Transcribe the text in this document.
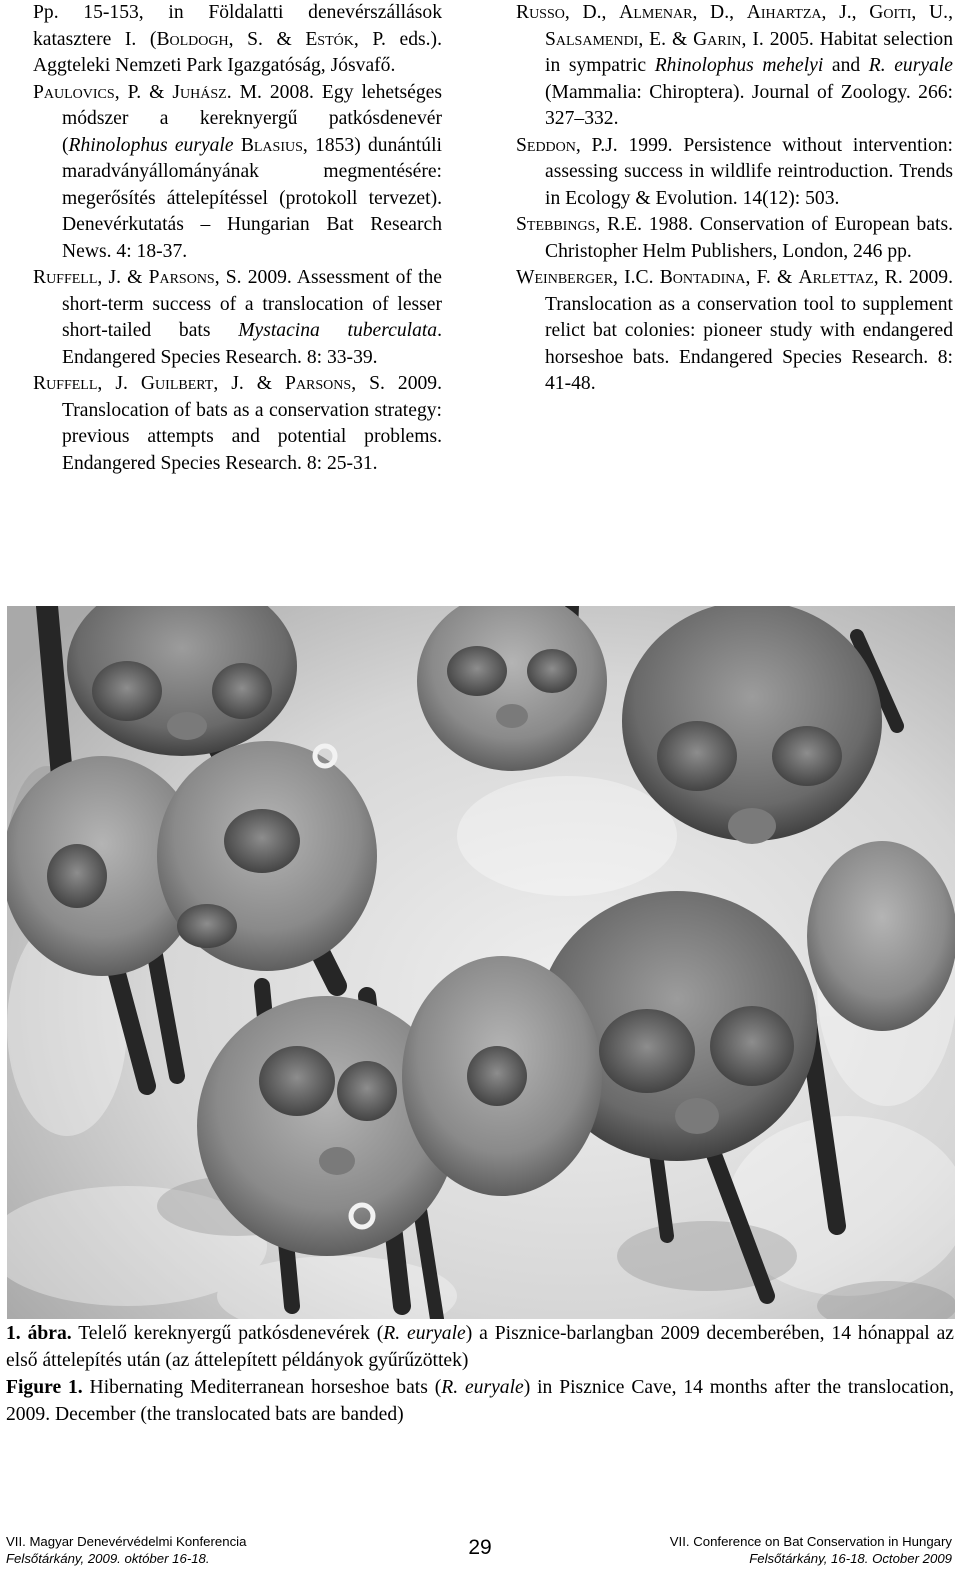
Pp. 15-153, in Földalatti denevérszállások katasztere I. (Boldogh, S. & Estók, P. eds.). Aggteleki Nemzeti Park Igazgatóság, Jósvafő.

Paulovics, P. & Juhász. M. 2008. Egy lehetséges módszer a kereknyergű patkósdenevér (Rhinolophus euryale Blasius, 1853) dunántúli maradványállományának megmentésére: megerősítés áttelepítéssel (protokoll tervezet). Denevérkutatás – Hungarian Bat Research News. 4: 18-37.

Ruffell, J. & Parsons, S. 2009. Assessment of the short-term success of a translocation of lesser short-tailed bats Mystacina tuberculata. Endangered Species Research. 8: 33-39.

Ruffell, J. Guilbert, J. & Parsons, S. 2009. Translocation of bats as a conservation strategy: previous attempts and potential problems. Endangered Species Research. 8: 25-31.

Russo, D., Almenar, D., Aihartza, J., Goiti, U., Salsamendi, E. & Garin, I. 2005. Habitat selection in sympatric Rhinolophus mehelyi and R. euryale (Mammalia: Chiroptera). Journal of Zoology. 266: 327–332.

Seddon, P.J. 1999. Persistence without intervention: assessing success in wildlife reintroduction. Trends in Ecology & Evolution. 14(12): 503.

Stebbings, R.E. 1988. Conservation of European bats. Christopher Helm Publishers, London, 246 pp.

Weinberger, I.C. Bontadina, F. & Arlettaz, R. 2009. Translocation as a conservation tool to supplement relict bat colonies: pioneer study with endangered horseshoe bats. Endangered Species Research. 8: 41-48.

1. ábra. Telelő kereknyergű patkósdenevérek (R. euryale) a Pisznice-barlangban 2009 decemberében, 14 hónappal az első áttelepítés után (az áttelepített példányok gyűrűzöttek)

Figure 1. Hibernating Mediterranean horseshoe bats (R. euryale) in Pisznice Cave, 14 months after the translocation, 2009. December (the translocated bats are banded)

VII. Magyar Denevérvédelmi Konferencia
Felsőtárkány, 2009. október 16-18.	29	VII. Conference on Bat Conservation in Hungary
Felsőtárkány, 16-18. October 2009
